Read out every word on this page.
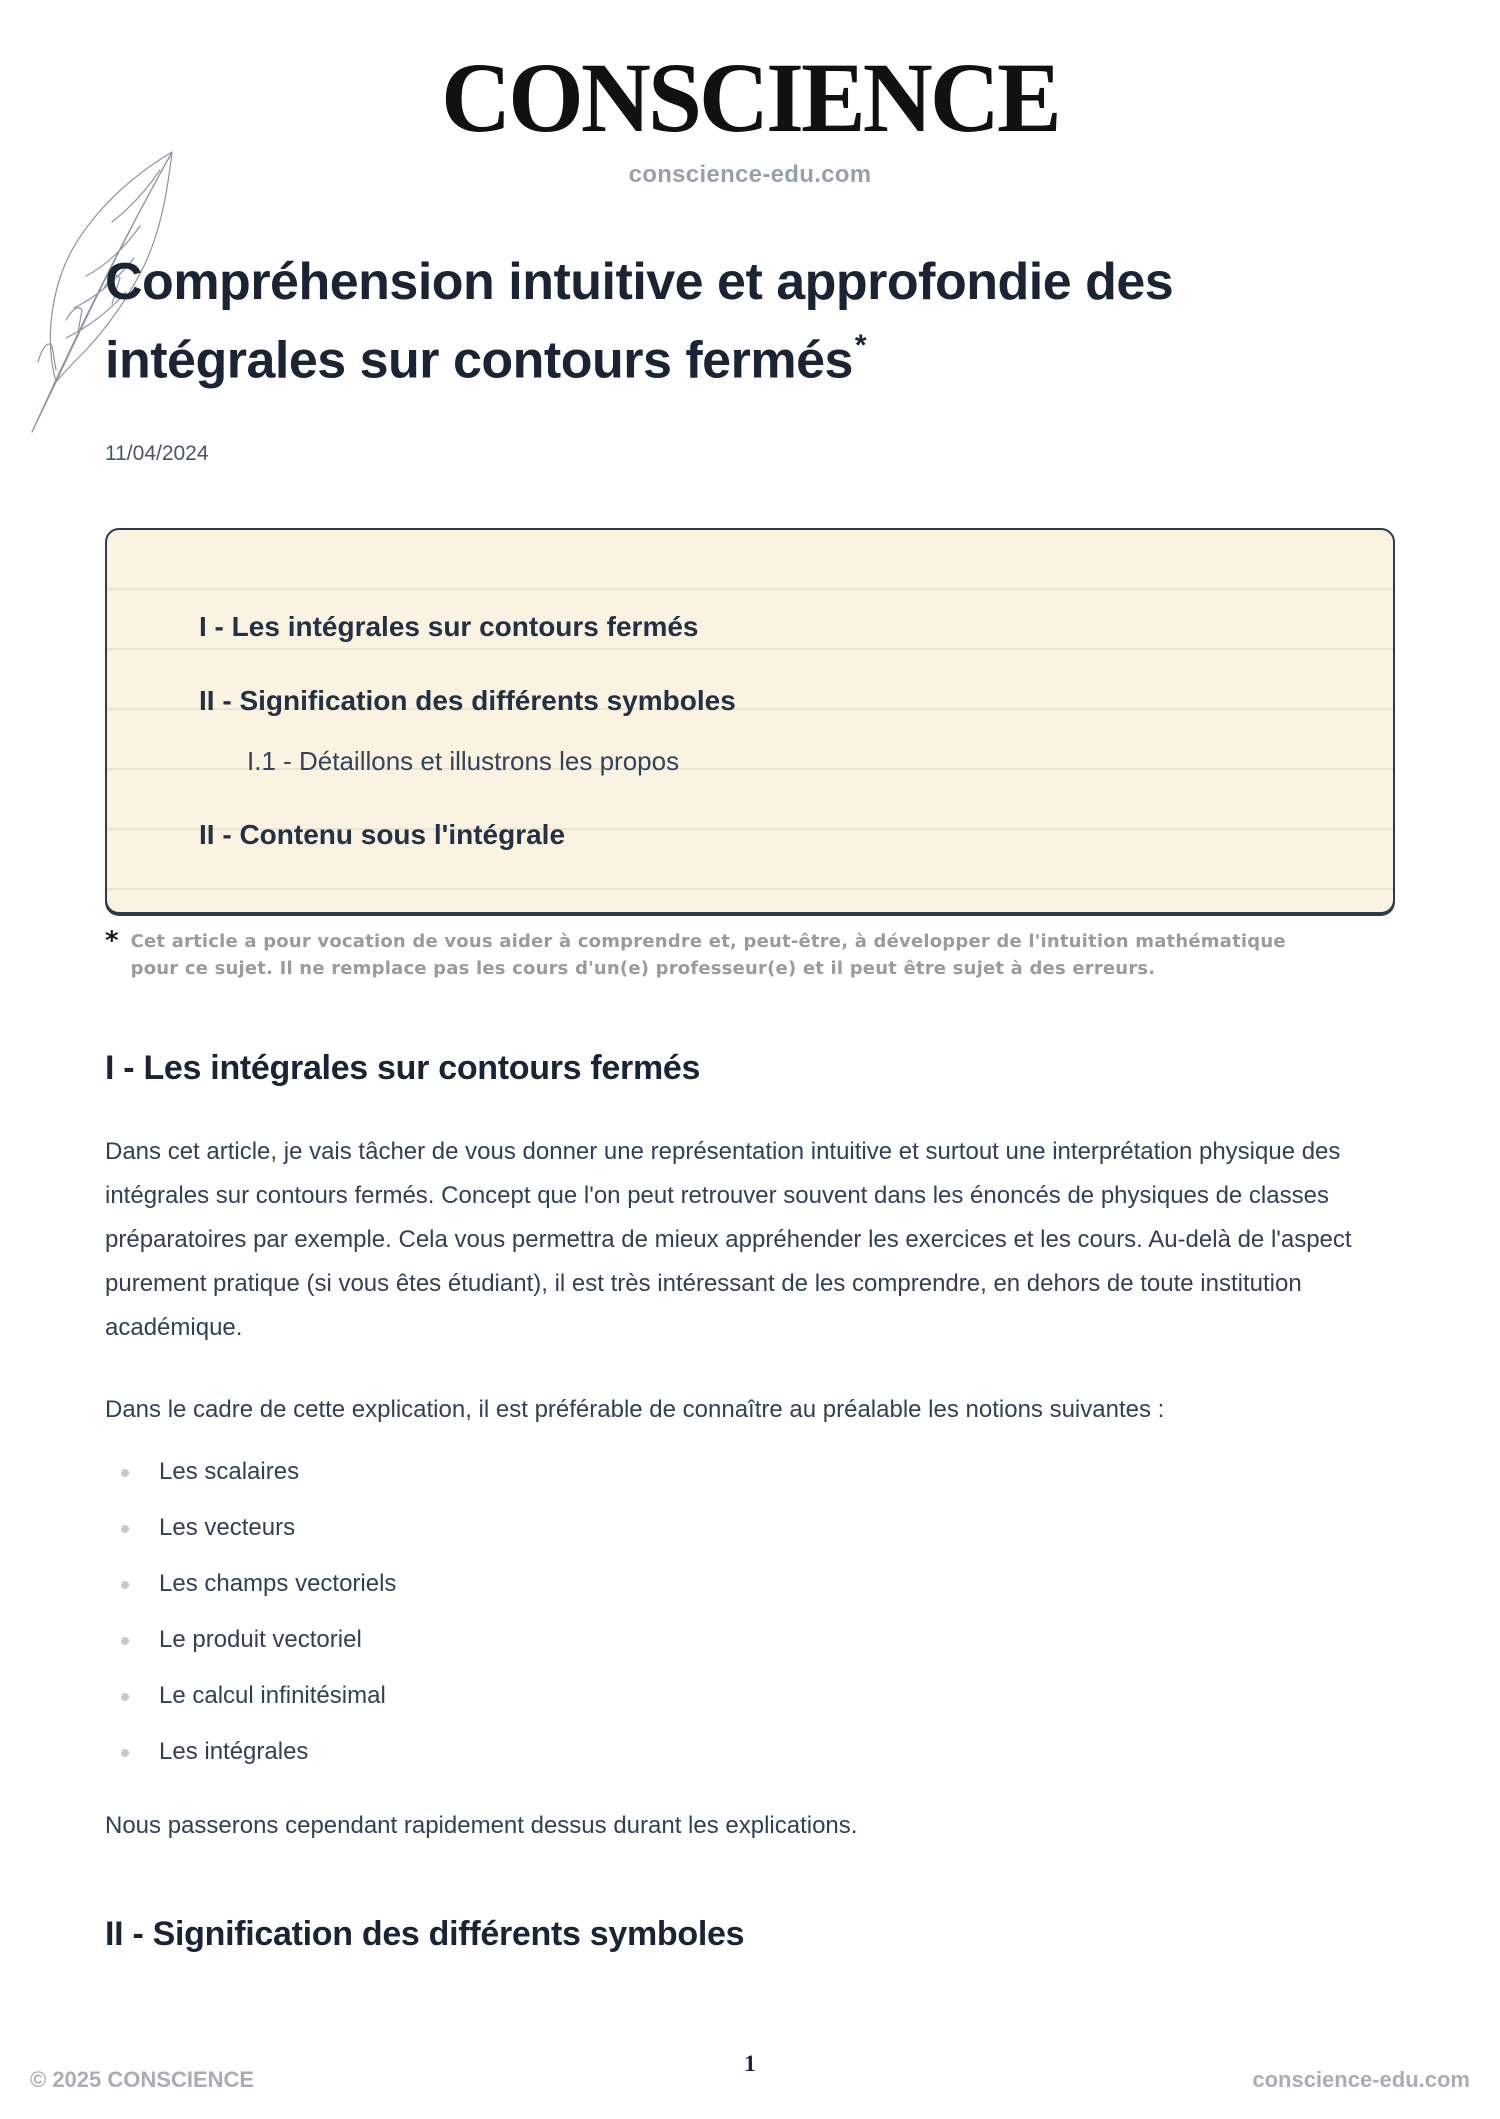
CONSCIENCE
conscience-edu.com
Compréhension intuitive et approfondie des
intégrales sur contours fermés*
11/04/2024
I - Les intégrales sur contours fermés
II - Signification des différents symboles
I.1 - Détaillons et illustrons les propos
II - Contenu sous l'intégrale
* Cet article a pour vocation de vous aider à comprendre et, peut-être, à développer de l'intuition mathématique pour ce sujet. Il ne remplace pas les cours d'un(e) professeur(e) et il peut être sujet à des erreurs.
I - Les intégrales sur contours fermés

Dans cet article, je vais tâcher de vous donner une représentation intuitive et surtout une interprétation physique des intégrales sur contours fermés. Concept que l'on peut retrouver souvent dans les énoncés de physiques de classes préparatoires par exemple. Cela vous permettra de mieux appréhender les exercices et les cours. Au-delà de l'aspect purement pratique (si vous êtes étudiant), il est très intéressant de les comprendre, en dehors de toute institution académique.

Dans le cadre de cette explication, il est préférable de connaître au préalable les notions suivantes :

Les scalaires
Les vecteurs
Les champs vectoriels
Le produit vectoriel
Le calcul infinitésimal
Les intégrales

Nous passerons cependant rapidement dessus durant les explications.

II - Signification des différents symboles
1
© 2025 CONSCIENCE	conscience-edu.com
